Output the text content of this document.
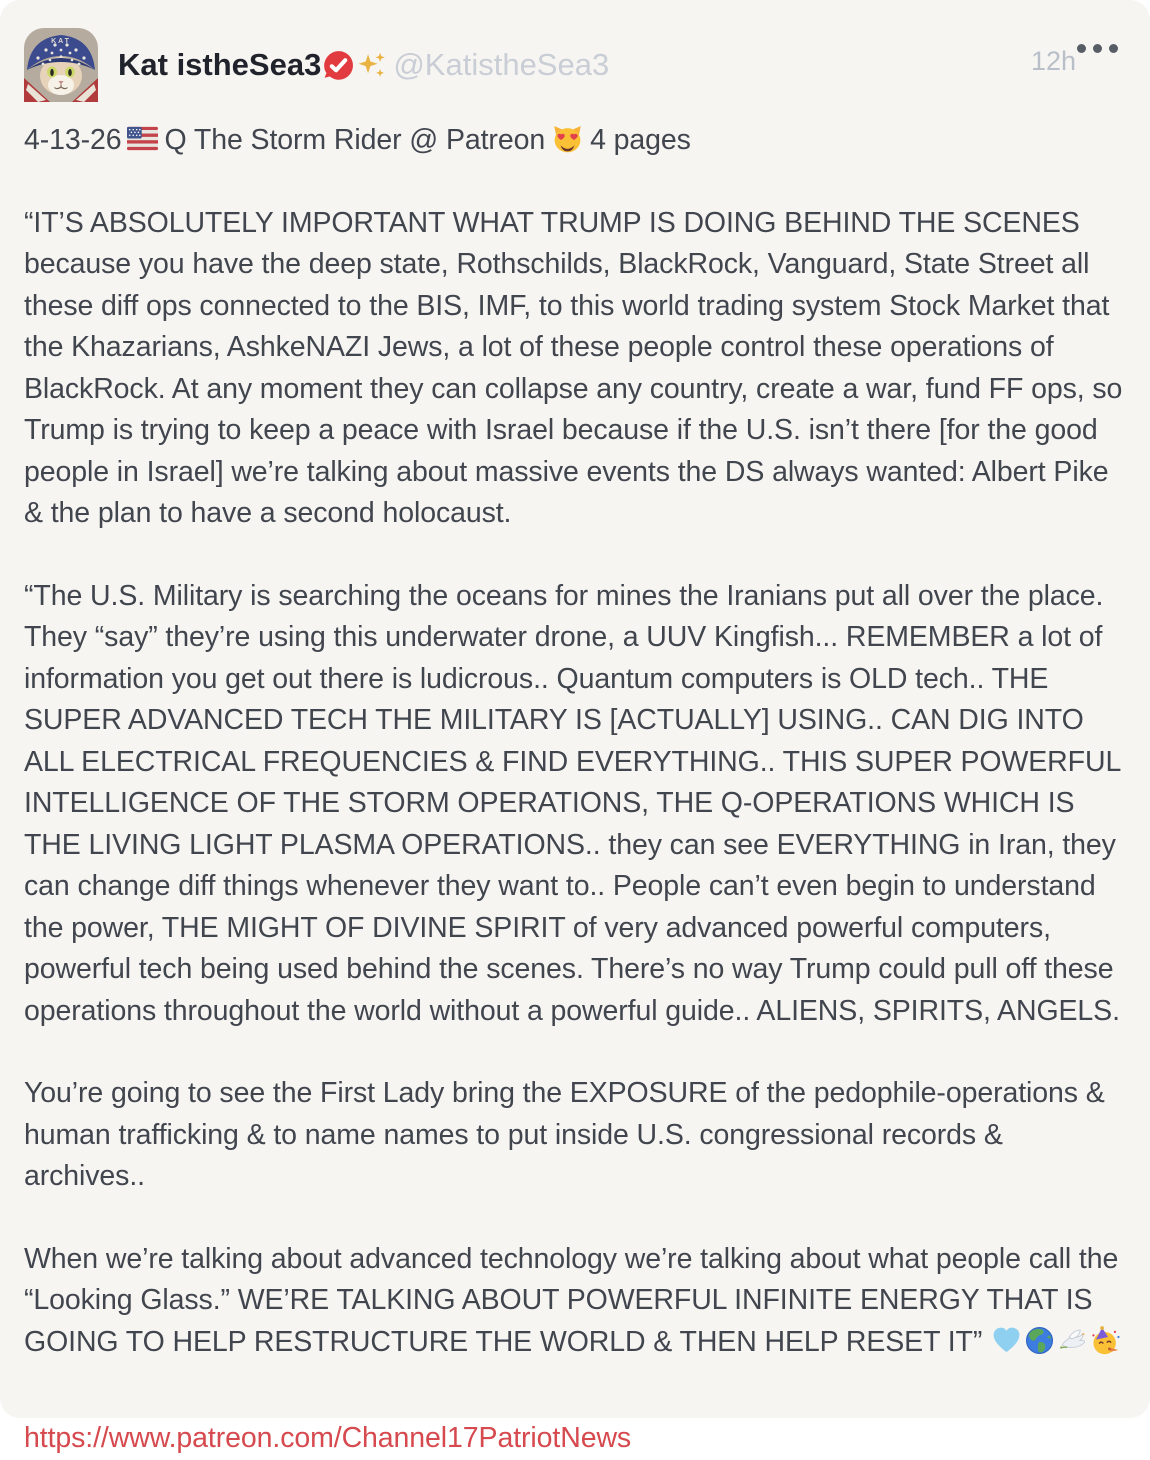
KAT
Kat istheSea3 @KatistheSea3	12h

4-13-26 Q The Storm Rider @ Patreon 4 pages

“IT’S ABSOLUTELY IMPORTANT WHAT TRUMP IS DOING BEHIND THE SCENES because you have the deep state, Rothschilds, BlackRock, Vanguard, State Street all these diff ops connected to the BIS, IMF, to this world trading system Stock Market that the Khazarians, AshkeNAZI Jews, a lot of these people control these operations of BlackRock. At any moment they can collapse any country, create a war, fund FF ops, so Trump is trying to keep a peace with Israel because if the U.S. isn’t there [for the good people in Israel] we’re talking about massive events the DS always wanted: Albert Pike & the plan to have a second holocaust.

“The U.S. Military is searching the oceans for mines the Iranians put all over the place. They “say” they’re using this underwater drone, a UUV Kingfish... REMEMBER a lot of information you get out there is ludicrous.. Quantum computers is OLD tech.. THE SUPER ADVANCED TECH THE MILITARY IS [ACTUALLY] USING.. CAN DIG INTO ALL ELECTRICAL FREQUENCIES & FIND EVERYTHING.. THIS SUPER POWERFUL INTELLIGENCE OF THE STORM OPERATIONS, THE Q-OPERATIONS WHICH IS THE LIVING LIGHT PLASMA OPERATIONS.. they can see EVERYTHING in Iran, they can change diff things whenever they want to.. People can’t even begin to understand the power, THE MIGHT OF DIVINE SPIRIT of very advanced powerful computers, powerful tech being used behind the scenes. There’s no way Trump could pull off these operations throughout the world without a powerful guide.. ALIENS, SPIRITS, ANGELS.

You’re going to see the First Lady bring the EXPOSURE of the pedophile-operations & human trafficking & to name names to put inside U.S. congressional records & archives..

When we’re talking about advanced technology we’re talking about what people call the “Looking Glass.” WE’RE TALKING ABOUT POWERFUL INFINITE ENERGY THAT IS GOING TO HELP RESTRUCTURE THE WORLD & THEN HELP RESET IT”

https://www.patreon.com/Channel17PatriotNews
